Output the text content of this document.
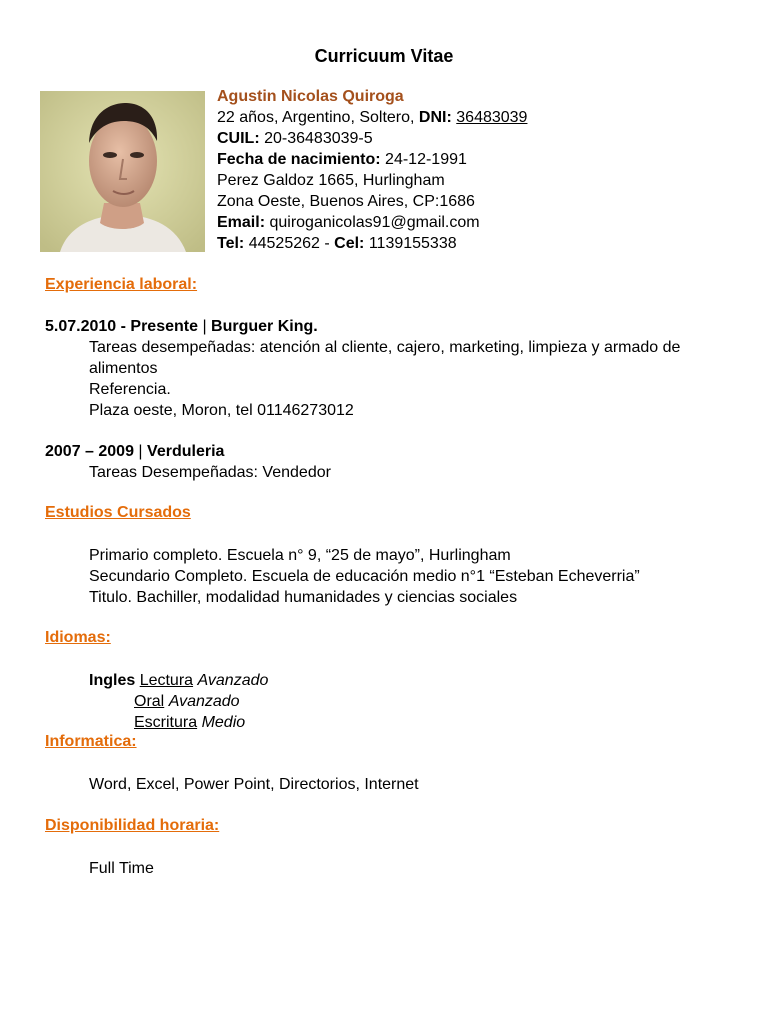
Curricuum Vitae
Agustin Nicolas Quiroga
22 años, Argentino, Soltero, DNI: 36483039
CUIL: 20-36483039-5
Fecha de nacimiento: 24-12-1991
Perez Galdoz 1665, Hurlingham
Zona Oeste, Buenos Aires, CP:1686
Email: quiroganicolas91@gmail.com
Tel: 44525262 - Cel: 1139155338
Experiencia laboral:
5.07.2010 - Presente | Burguer King.
Tareas desempeñadas: atención al cliente, cajero, marketing, limpieza y armado de alimentos
Referencia.
Plaza oeste, Moron, tel 01146273012
2007 – 2009 | Verduleria
Tareas Desempeñadas: Vendedor
Estudios Cursados
Primario completo. Escuela n° 9, “25 de mayo”, Hurlingham
Secundario Completo. Escuela de educación medio n°1 “Esteban Echeverria”
Titulo. Bachiller, modalidad humanidades y ciencias sociales
Idiomas:
Ingles Lectura Avanzado
Oral Avanzado
Escritura Medio
Informatica:
Word, Excel, Power Point, Directorios, Internet
Disponibilidad horaria:
Full Time
